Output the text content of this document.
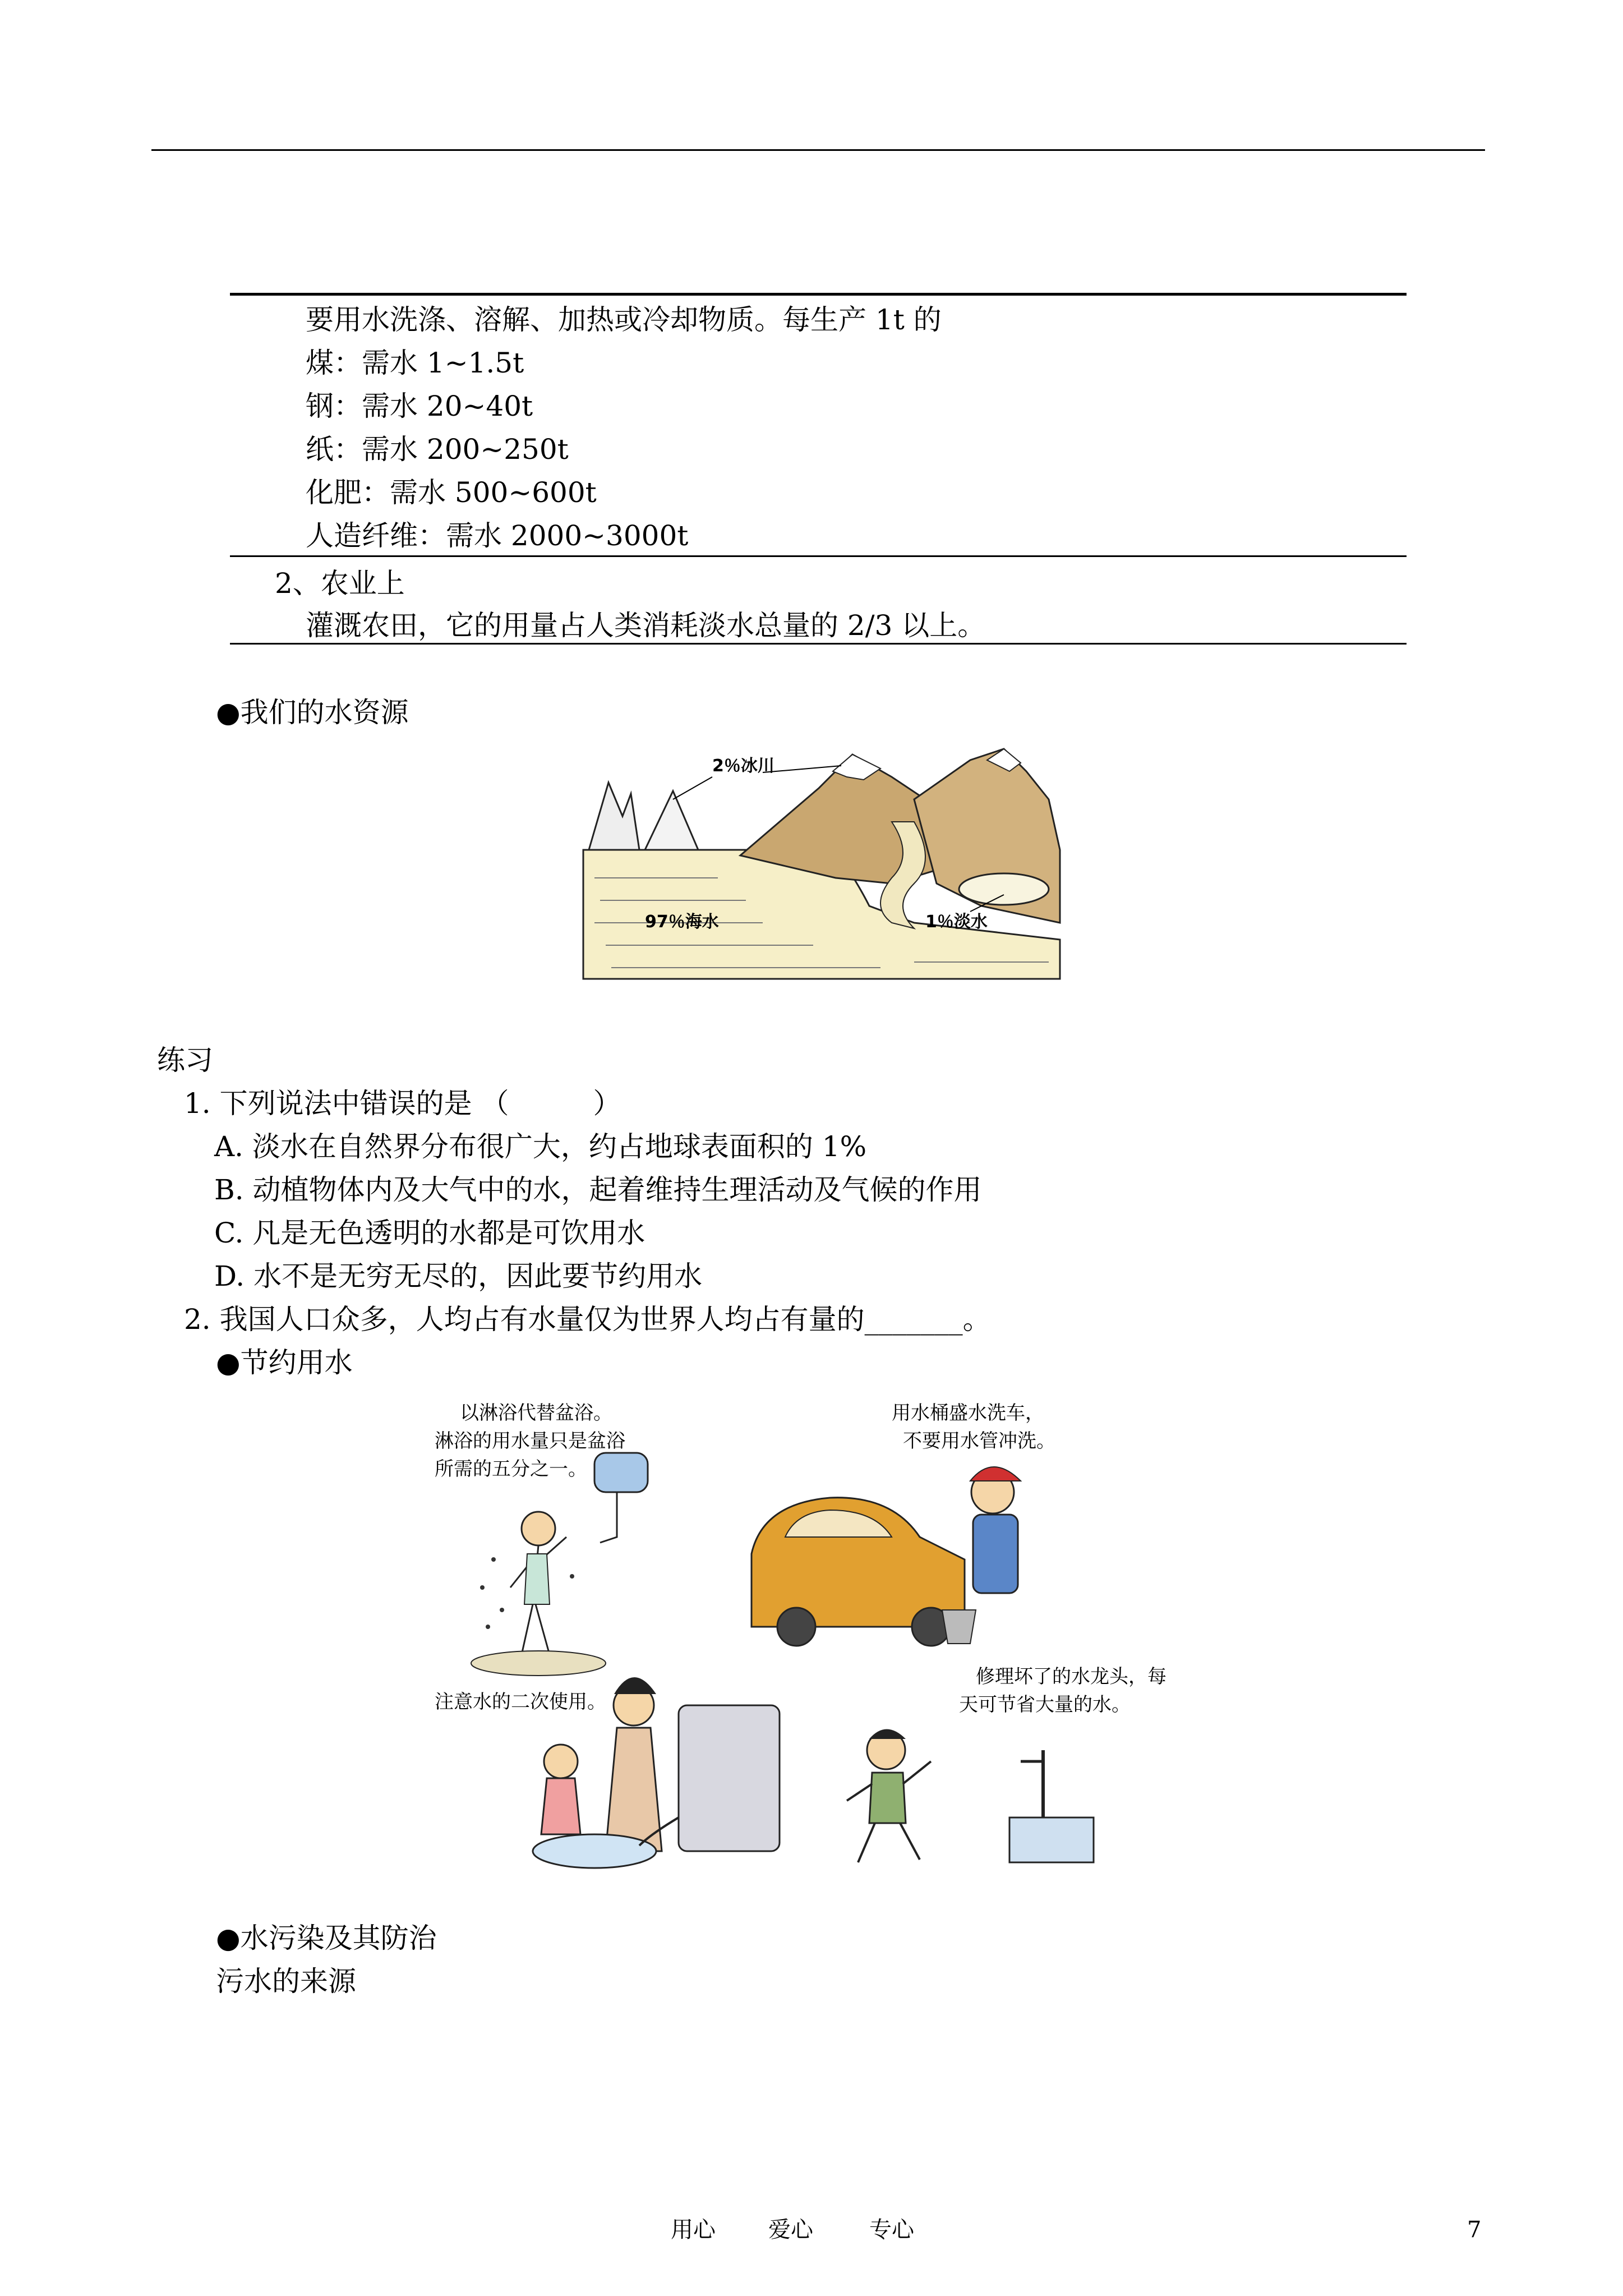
要用水洗涤、溶解、加热或冷却物质。每生产 1t 的
煤：需水 1~1.5t
钢：需水 20~40t
纸：需水 200~250t
化肥：需水 500~600t
人造纤维：需水 2000~3000t
2、农业上
灌溉农田，它的用量占人类消耗淡水总量的 2/3 以上。
●我们的水资源
2％冰川
97％海水	1％淡水
练习
1. 下列说法中错误的是 （　　　）
A. 淡水在自然界分布很广大，约占地球表面积的 1%
B. 动植物体内及大气中的水，起着维持生理活动及气候的作用
C. 凡是无色透明的水都是可饮用水
D. 水不是无穷无尽的，因此要节约用水
2. 我国人口众多，人均占有水量仅为世界人均占有量的_______。
●节约用水
以淋浴代替盆浴。
淋浴的用水量只是盆浴
所需的五分之一。
用水桶盛水洗车，
不要用水管冲洗。
注意水的二次使用。
修理坏了的水龙头，每
天可节省大量的水。
●水污染及其防治
污水的来源
用心 爱心	专心	7
